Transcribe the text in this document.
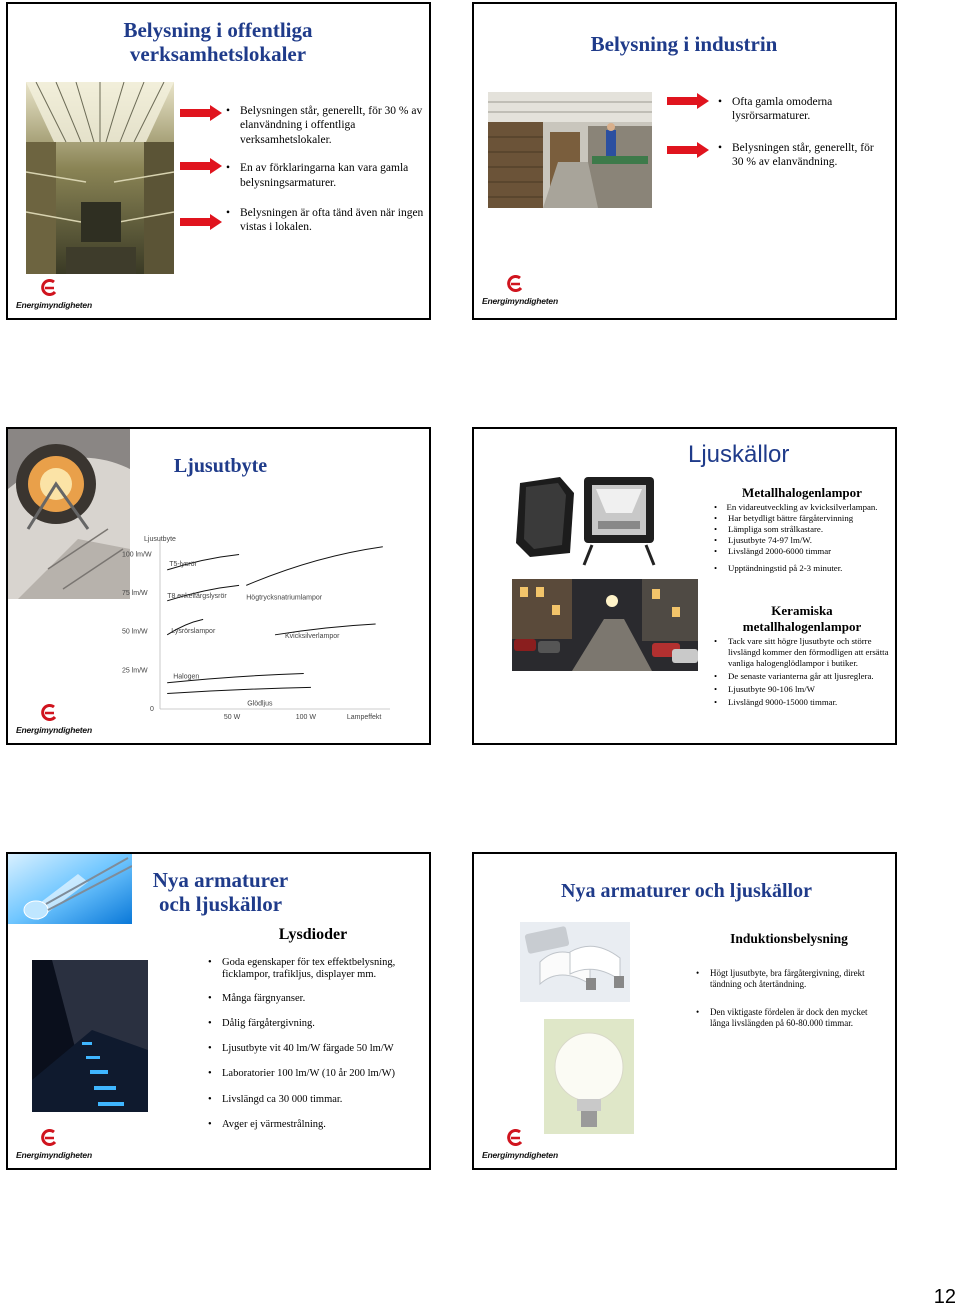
Belysning i offentliga
verksamhetslokaler
• Belysningen står, generellt, för 30 % av elanvändning i offentliga verksamhetslokaler.
• En av förklaringarna kan vara gamla belysningsarmaturer.
• Belysningen är ofta tänd även när ingen vistas i lokalen.
Energimyndigheten
Belysning i industrin
• Ofta gamla omoderna lysrörsarmaturer.
• Belysningen står, generellt, för 30 % av elanvändning.
Energimyndigheten
Ljusutbyte
Ljusutbyte
0
25 lm/W
50 lm/W
75 lm/W
100 lm/W
50 W	100 W	Lampeffekt
T5-lysrör
Högtrycksnatriumlampor
T8 enkelfärgslysrör
Lysrörslampor
Kvicksilverlampor
Halogen
Glödljus
Energimyndigheten
Ljuskällor
Metallhalogenlampor
• En vidareutveckling av kvicksilverlampan.
• Har betydligt bättre färgåtervinning
• Lämpliga som strålkastare.
• Ljusutbyte 74-97 lm/W.
• Livslängd 2000-6000 timmar
• Upptändningstid på 2-3 minuter.
Keramiska
metallhalogenlampor
• Tack vare sitt högre ljusutbyte och större livslängd kommer den förmodligen att ersätta vanliga halogenglödlampor i butiker.
• De senaste varianterna går att ljusreglera.
• Ljusutbyte 90-106 lm/W
• Livslängd 9000-15000 timmar.
Nya armaturer
och ljuskällor
Lysdioder
• Goda egenskaper för tex effektbelysning, ficklampor, trafikljus, displayer mm.
• Många färgnyanser.
• Dålig färgåtergivning.
• Ljusutbyte vit 40 lm/W färgade 50 lm/W
• Laboratorier 100 lm/W (10 år 200 lm/W)
• Livslängd ca 30 000 timmar.
• Avger ej värmestrålning.
Energimyndigheten
Nya armaturer och ljuskällor
Induktionsbelysning
• Högt ljusutbyte, bra färgåtergivning, direkt tändning och återtändning.
• Den viktigaste fördelen är dock den mycket långa livslängden på 60-80.000 timmar.
Energimyndigheten
12
